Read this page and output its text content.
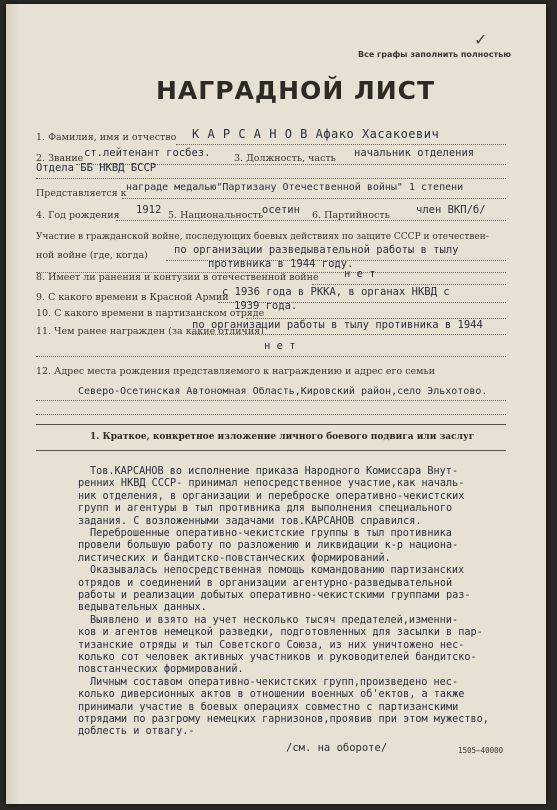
Все графы заполнить полностью
✓
НАГРАДНОЙ ЛИСТ
1. Фамилия, имя и отчество К А Р С А Н О В Афако Хасакоевич
2. Звание ст.лейтенант госбез. 3. Должность, часть начальник отделения
Отдела ББ НКВД БССР
Представляется к
награде медалью"Партизану Отечественной войны" 1 степени
4. Год рождения 1912 5. Национальность
осетин 6. Партийность член ВКП/б/
Участие в гражданской войне, последующих боевых действиях по защите СССР и отечествен-
ной войне (где, когда) по организации разведывательной работы в тылу
противника в 1944 году.
8. Имеет ли ранения и контузии в отечественной войне н е т
9. С какого времени в Красной Армии
с 1936 года в РККА, в органах НКВД с
1939 года.
10. С какого времени в партизанском отряде
11. Чем ранее награжден (за какие отличия)
по организации работы в тылу противника в 1944
н е т
12. Адрес места рождения представляемого к награждению и адрес его семьи
Северо-Осетинская Автономная Область,Кировский район,село Эльхотово.
1. Краткое, конкретное изложение личного боевого подвига или заслуг
Тов.КАРСАНОВ во исполнение приказа Народного Комиссара Внут-
ренних НКВД СССР- принимал непосредственное участие,как началь-
ник отделения, в организации и переброске оперативно-чекистских
групп и агентуры в тыл противника для выполнения специального
задания. С возложенными задачами тов.КАРСАНОВ справился.
Переброшенные оперативно-чекистские группы в тыл противника
провели большую работу по разложению и ликвидации к-р национа-
листических и бандитско-повстанческих формирований.
Оказывалась непосредственная помощь командованию партизанских
отрядов и соединений в организации агентурно-разведывательной
работы и реализации добытых оперативно-чекистскими группами раз-
ведывательных данных.
Выявлено и взято на учет несколько тысяч предателей,изменни-
ков и агентов немецкой разведки, подготовленных для засылки в пар-
тизанские отряды и тыл Советского Союза, из них уничтожено нес-
колько сот человек активных участников и руководителей бандитско-
повстанческих формирований.
Личным составом оперативно-чекистских групп,произведено нес-
колько диверсионных актов в отношении военных об'ектов, а также
принимали участие в боевых операциях совместно с партизанскими
отрядами по разгрому немецких гарнизонов,проявив при этом мужество,
доблесть и отвагу.-
/см. на обороте/	1505—40000
